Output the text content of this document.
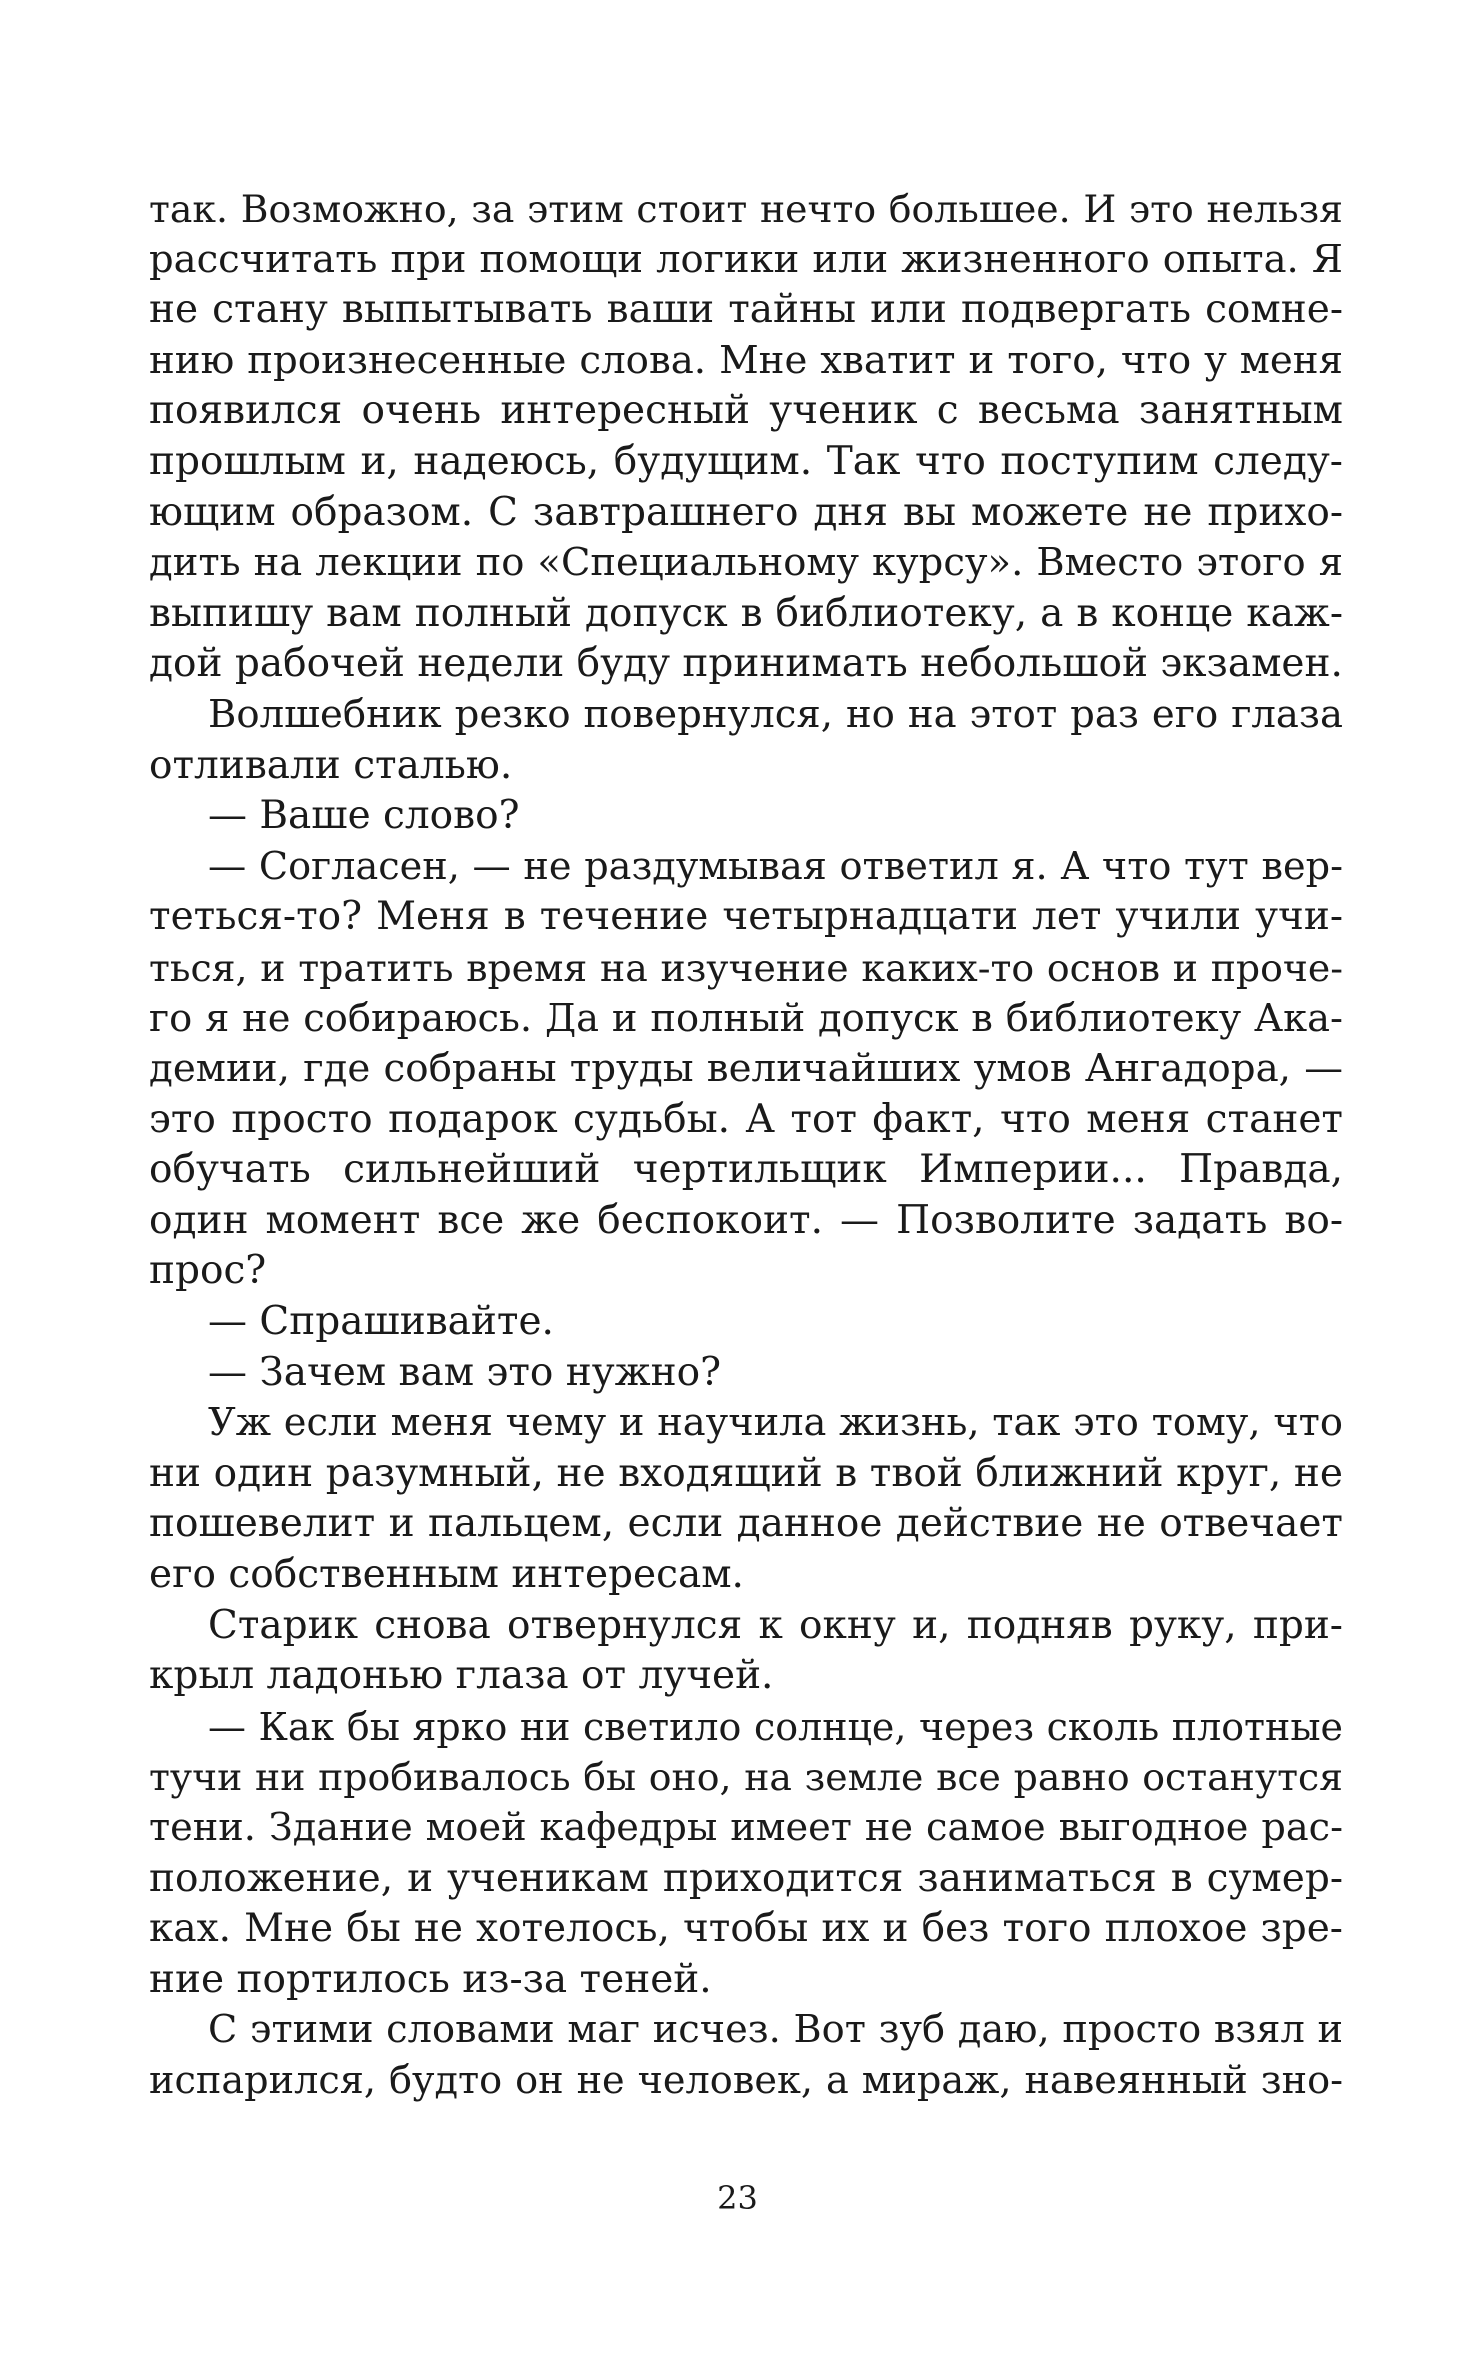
так. Возможно, за этим стоит нечто большее. И это нельзя
рассчитать при помощи логики или жизненного опыта. Я
не стану выпытывать ваши тайны или подвергать сомне-
нию произнесенные слова. Мне хватит и того, что у меня
появился очень интересный ученик с весьма занятным
прошлым и, надеюсь, будущим. Так что поступим следу-
ющим образом. С завтрашнего дня вы можете не прихо-
дить на лекции по «Специальному курсу». Вместо этого я
выпишу вам полный допуск в библиотеку, а в конце каж-
дой рабочей недели буду принимать небольшой экзамен.
Волшебник резко повернулся, но на этот раз его глаза
отливали сталью.
— Ваше слово?
— Согласен, — не раздумывая ответил я. А что тут вер-
теться-то? Меня в течение четырнадцати лет учили учи-
ться, и тратить время на изучение каких-то основ и проче-
го я не собираюсь. Да и полный допуск в библиотеку Ака-
демии, где собраны труды величайших умов Ангадора, —
это просто подарок судьбы. А тот факт, что меня станет
обучать сильнейший чертильщик Империи... Правда,
один момент все же беспокоит. — Позволите задать во-
прос?
— Спрашивайте.
— Зачем вам это нужно?
Уж если меня чему и научила жизнь, так это тому, что
ни один разумный, не входящий в твой ближний круг, не
пошевелит и пальцем, если данное действие не отвечает
его собственным интересам.
Старик снова отвернулся к окну и, подняв руку, при-
крыл ладонью глаза от лучей.
— Как бы ярко ни светило солнце, через сколь плотные
тучи ни пробивалось бы оно, на земле все равно останутся
тени. Здание моей кафедры имеет не самое выгодное рас-
положение, и ученикам приходится заниматься в сумер-
ках. Мне бы не хотелось, чтобы их и без того плохое зре-
ние портилось из-за теней.
С этими словами маг исчез. Вот зуб даю, просто взял и
испарился, будто он не человек, а мираж, навеянный зно-
23
